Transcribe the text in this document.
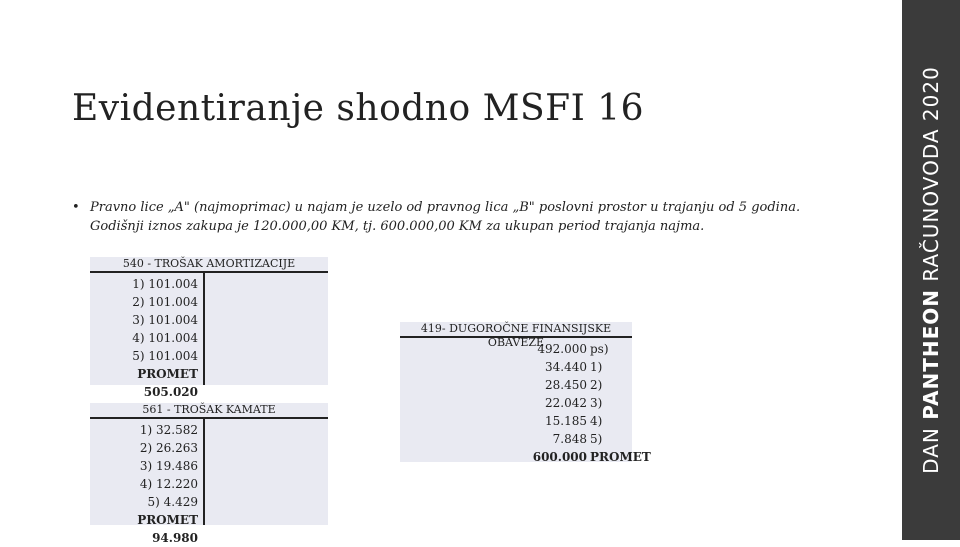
Evidentiranje shodno MSFI 16
• Pravno lice „A" (najmoprimac) u najam je uzelo od pravnog lica „B" poslovni prostor u trajanju od 5 godina. Godišnji iznos zakupa je 120.000,00 KM, tj. 600.000,00 KM za ukupan period trajanja najma.
540 - TROŠAK AMORTIZACIJE
1) 101.004
2) 101.004
3) 101.004
4) 101.004
5) 101.004
PROMET 505.020
561 - TROŠAK KAMATE
1) 32.582
2) 26.263
3) 19.486
4) 12.220
5) 4.429
PROMET 94.980
419- DUGOROČNE FINANSIJSKE OBAVEZE
492.000 ps)
34.440 1)
28.450 2)
22.042 3)
15.185 4)
7.848 5)
600.000 PROMET	DAN PANTHEON RAČUNOVODA 2020
